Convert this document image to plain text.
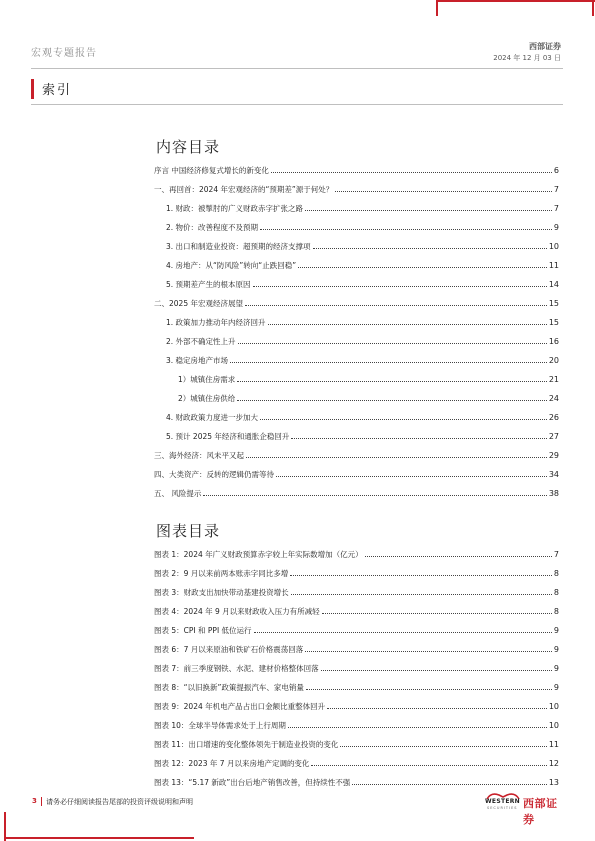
宏观专题报告
西部证券
2024 年 12 月 03 日
索引
内容目录
序言 中国经济修复式增长的新变化	6
一、再回首：2024 年宏观经济的“预期差”源于何处？	7
1. 财政：被掣肘的广义财政赤字扩张之路	7
2. 物价：改善程度不及预期	9
3. 出口和制造业投资：超预期的经济支撑项	10
4. 房地产：从“防风险”转向“止跌回稳”	11
5. 预期差产生的根本原因	14
二、2025 年宏观经济展望	15
1. 政策加力推动年内经济回升	15
2. 外部不确定性上升	16
3. 稳定房地产市场	20
1）城镇住房需求	21
2）城镇住房供给	24
4. 财政政策力度进一步加大	26
5. 预计 2025 年经济和通胀企稳回升	27
三、海外经济：风未平又起	29
四、大类资产：反转的逻辑仍需等待	34
五、 风险提示	38
图表目录
图表 1：2024 年广义财政预算赤字较上年实际数增加（亿元）	7
图表 2：9 月以来前两本账赤字同比多增	8
图表 3：财政支出加快带动基建投资增长	8
图表 4：2024 年 9 月以来财政收入压力有所减轻	8
图表 5：CPI 和 PPI 低位运行	9
图表 6：7 月以来原油和铁矿石价格震荡回落	9
图表 7：前三季度钢铁、水泥、建材价格整体回落	9
图表 8：“以旧换新”政策提振汽车、家电销量	9
图表 9：2024 年机电产品占出口金额比重整体回升	10
图表 10：全球半导体需求处于上行周期	10
图表 11：出口增速的变化整体领先于制造业投资的变化	11
图表 12：2023 年 7 月以来房地产定调的变化	12
图表 13：“5.17 新政”出台后地产销售改善，但持续性不强	13
3 请务必仔细阅读报告尾部的投资评级说明和声明	WESTERN
SECURITIES 西部证券
